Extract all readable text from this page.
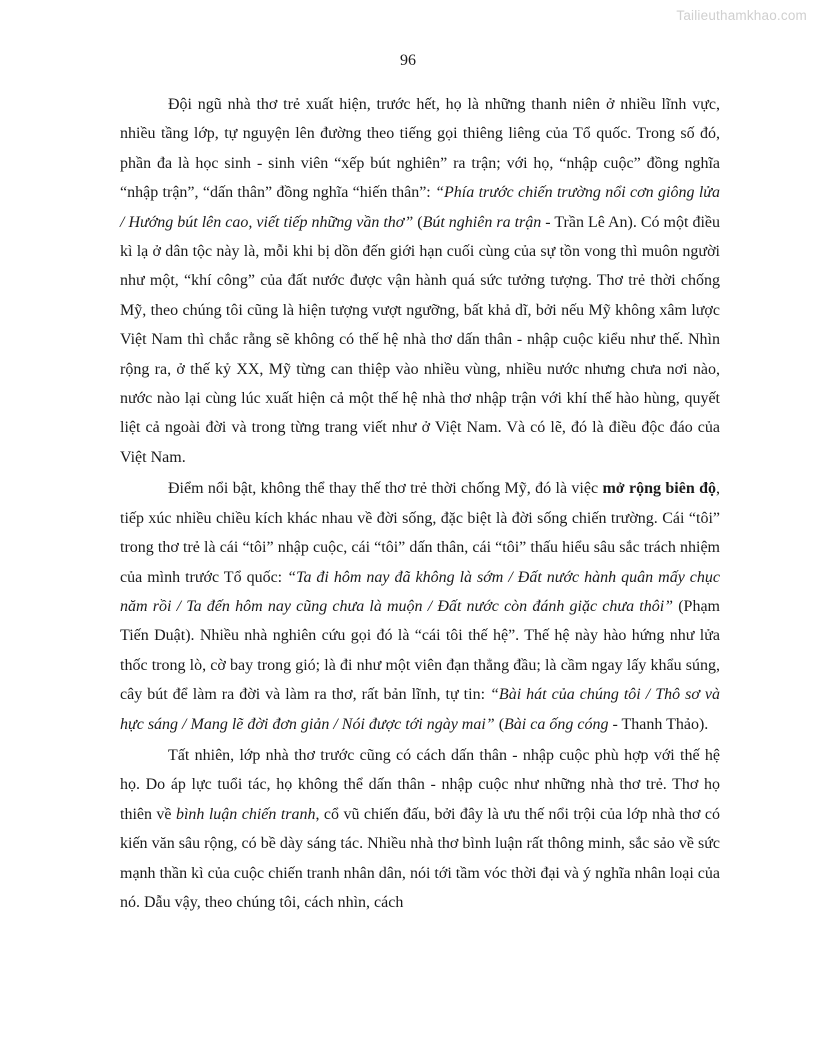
Tailieuthamkhao.com
96

Đội ngũ nhà thơ trẻ xuất hiện, trước hết, họ là những thanh niên ở nhiều lĩnh vực, nhiều tầng lớp, tự nguyện lên đường theo tiếng gọi thiêng liêng của Tổ quốc. Trong số đó, phần đa là học sinh - sinh viên “xếp bút nghiên” ra trận; với họ, “nhập cuộc” đồng nghĩa “nhập trận”, “dấn thân” đồng nghĩa “hiến thân”: “Phía trước chiến trường nổi cơn giông lửa / Hướng bút lên cao, viết tiếp những vần thơ” (Bút nghiên ra trận - Trần Lê An). Có một điều kì lạ ở dân tộc này là, mỗi khi bị dồn đến giới hạn cuối cùng của sự tồn vong thì muôn người như một, “khí công” của đất nước được vận hành quá sức tưởng tượng. Thơ trẻ thời chống Mỹ, theo chúng tôi cũng là hiện tượng vượt ngưỡng, bất khả dĩ, bởi nếu Mỹ không xâm lược Việt Nam thì chắc rằng sẽ không có thế hệ nhà thơ dấn thân - nhập cuộc kiểu như thế. Nhìn rộng ra, ở thế kỷ XX, Mỹ từng can thiệp vào nhiều vùng, nhiều nước nhưng chưa nơi nào, nước nào lại cùng lúc xuất hiện cả một thế hệ nhà thơ nhập trận với khí thế hào hùng, quyết liệt cả ngoài đời và trong từng trang viết như ở Việt Nam. Và có lẽ, đó là điều độc đáo của Việt Nam.

Điểm nổi bật, không thể thay thế thơ trẻ thời chống Mỹ, đó là việc mở rộng biên độ, tiếp xúc nhiều chiều kích khác nhau về đời sống, đặc biệt là đời sống chiến trường. Cái “tôi” trong thơ trẻ là cái “tôi” nhập cuộc, cái “tôi” dấn thân, cái “tôi” thấu hiểu sâu sắc trách nhiệm của mình trước Tổ quốc: “Ta đi hôm nay đã không là sớm / Đất nước hành quân mấy chục năm rồi / Ta đến hôm nay cũng chưa là muộn / Đất nước còn đánh giặc chưa thôi” (Phạm Tiến Duật). Nhiều nhà nghiên cứu gọi đó là “cái tôi thế hệ”. Thế hệ này hào hứng như lửa thốc trong lò, cờ bay trong gió; là đi như một viên đạn thẳng đầu; là cầm ngay lấy khẩu súng, cây bút để làm ra đời và làm ra thơ, rất bản lĩnh, tự tin: “Bài hát của chúng tôi / Thô sơ và hực sáng / Mang lẽ đời đơn giản / Nói được tới ngày mai” (Bài ca ống cóng - Thanh Thảo).

Tất nhiên, lớp nhà thơ trước cũng có cách dấn thân - nhập cuộc phù hợp với thế hệ họ. Do áp lực tuổi tác, họ không thể dấn thân - nhập cuộc như những nhà thơ trẻ. Thơ họ thiên về bình luận chiến tranh, cổ vũ chiến đấu, bởi đây là ưu thế nổi trội của lớp nhà thơ có kiến văn sâu rộng, có bề dày sáng tác. Nhiều nhà thơ bình luận rất thông minh, sắc sảo về sức mạnh thần kì của cuộc chiến tranh nhân dân, nói tới tầm vóc thời đại và ý nghĩa nhân loại của nó. Dẫu vậy, theo chúng tôi, cách nhìn, cách
